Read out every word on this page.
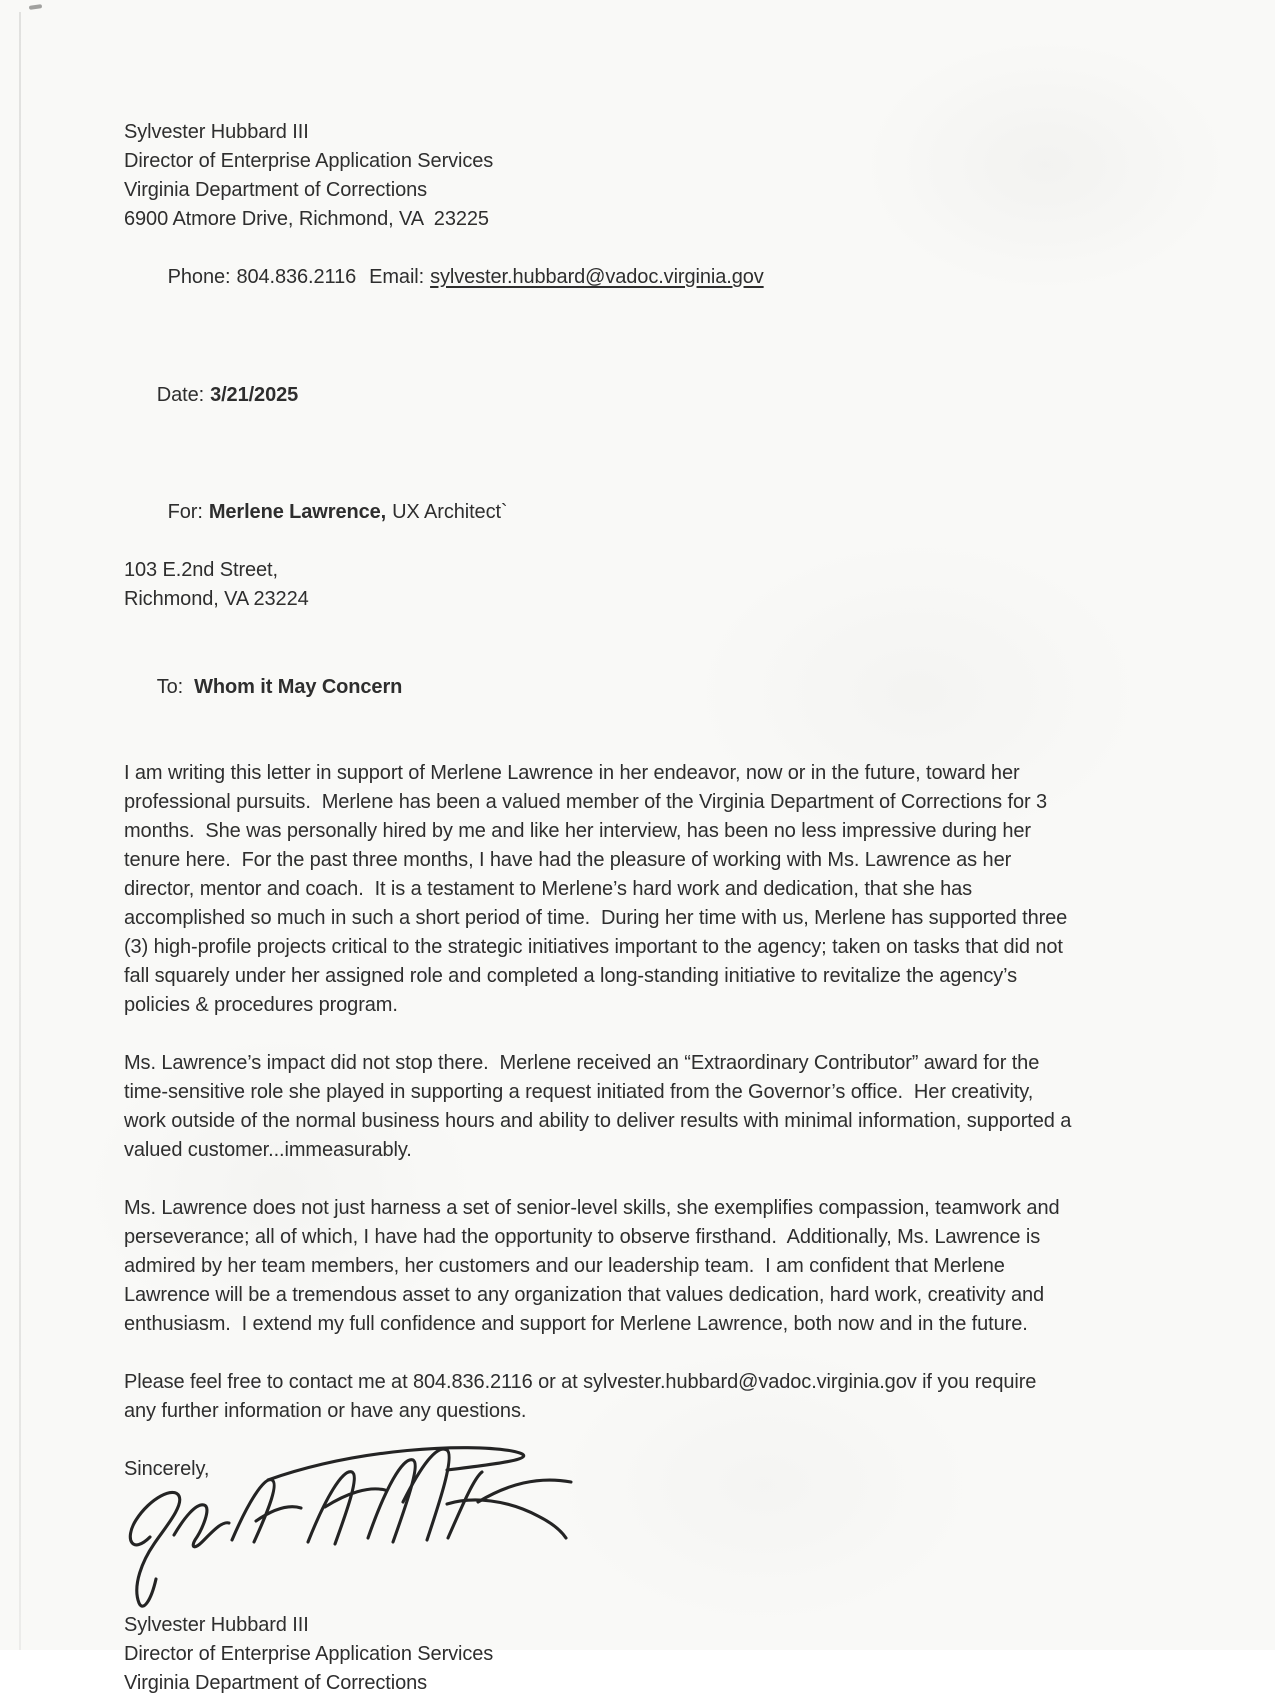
Sylvester Hubbard III
Director of Enterprise Application Services
Virginia Department of Corrections
6900 Atmore Drive, Richmond, VA  23225

Phone: 804.836.2116 Email: sylvester.hubbard@vadoc.virginia.gov

Date: 3/21/2025

For: Merlene Lawrence, UX Architect`

103 E.2nd Street,
Richmond, VA 23224

To: Whom it May Concern

I am writing this letter in support of Merlene Lawrence in her endeavor, now or in the future, toward her professional pursuits.  Merlene has been a valued member of the Virginia Department of Corrections for 3 months.  She was personally hired by me and like her interview, has been no less impressive during her tenure here.  For the past three months, I have had the pleasure of working with Ms. Lawrence as her director, mentor and coach.  It is a testament to Merlene’s hard work and dedication, that she has accomplished so much in such a short period of time.  During her time with us, Merlene has supported three (3) high-profile projects critical to the strategic initiatives important to the agency; taken on tasks that did not fall squarely under her assigned role and completed a long-standing initiative to revitalize the agency’s policies & procedures program.

Ms. Lawrence’s impact did not stop there.  Merlene received an “Extraordinary Contributor” award for the time-sensitive role she played in supporting a request initiated from the Governor’s office.  Her creativity, work outside of the normal business hours and ability to deliver results with minimal information, supported a valued customer...immeasurably.

Ms. Lawrence does not just harness a set of senior-level skills, she exemplifies compassion, teamwork and perseverance; all of which, I have had the opportunity to observe firsthand.  Additionally, Ms. Lawrence is admired by her team members, her customers and our leadership team.  I am confident that Merlene Lawrence will be a tremendous asset to any organization that values dedication, hard work, creativity and enthusiasm.  I extend my full confidence and support for Merlene Lawrence, both now and in the future.

Please feel free to contact me at 804.836.2116 or at sylvester.hubbard@vadoc.virginia.gov if you require any further information or have any questions.

Sincerely,
Sylvester Hubbard III
Director of Enterprise Application Services
Virginia Department of Corrections
